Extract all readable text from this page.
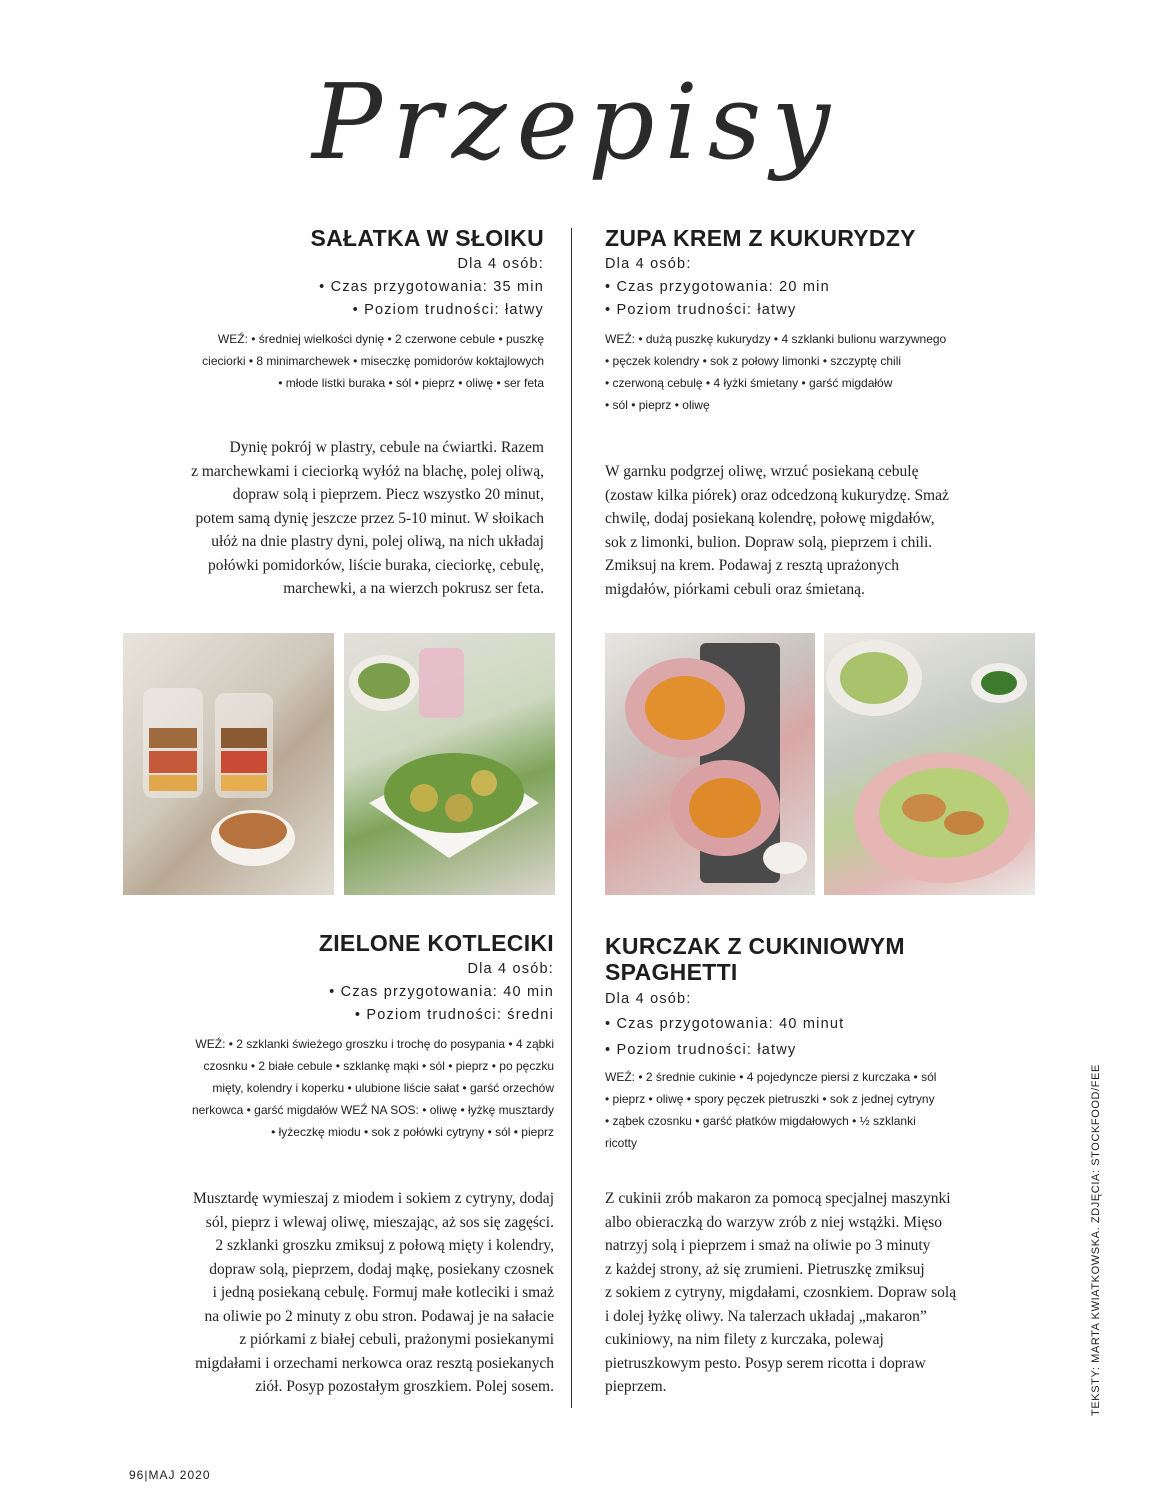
Przepisy
SAŁATKA W SŁOIKU
Dla 4 osób:
• Czas przygotowania: 35 min
• Poziom trudności: łatwy
WEŹ: • średniej wielkości dynię • 2 czerwone cebule • puszkę
cieciorki • 8 minimarchewek • miseczkę pomidorów koktajlowych
• młode listki buraka • sól • pieprz • oliwę • ser feta
Dynię pokrój w plastry, cebule na ćwiartki. Razem
z marchewkami i cieciorką wyłóż na blachę, polej oliwą,
dopraw solą i pieprzem. Piecz wszystko 20 minut,
potem samą dynię jeszcze przez 5-10 minut. W słoikach
ułóż na dnie plastry dyni, polej oliwą, na nich układaj
połówki pomidorków, liście buraka, cieciorkę, cebulę,
marchewki, a na wierzch pokrusz ser feta.
ZUPA KREM Z KUKURYDZY
Dla 4 osób:
• Czas przygotowania: 20 min
• Poziom trudności: łatwy
WEŹ: • dużą puszkę kukurydzy • 4 szklanki bulionu warzywnego
• pęczek kolendry • sok z połowy limonki • szczyptę chili
• czerwoną cebulę • 4 łyżki śmietany • garść migdałów
• sól • pieprz • oliwę
W garnku podgrzej oliwę, wrzuć posiekaną cebulę
(zostaw kilka piórek) oraz odcedzoną kukurydzę. Smaż
chwilę, dodaj posiekaną kolendrę, połowę migdałów,
sok z limonki, bulion. Dopraw solą, pieprzem i chili.
Zmiksuj na krem. Podawaj z resztą uprażonych
migdałów, piórkami cebuli oraz śmietaną.
ZIELONE KOTLECIKI
Dla 4 osób:
• Czas przygotowania: 40 min
• Poziom trudności: średni
WEŹ: • 2 szklanki świeżego groszku i trochę do posypania • 4 ząbki
czosnku • 2 białe cebule • szklankę mąki • sól • pieprz • po pęczku
mięty, kolendry i koperku • ulubione liście sałat • garść orzechów
nerkowca • garść migdałów WEŹ NA SOS: • oliwę • łyżkę musztardy
• łyżeczkę miodu • sok z połówki cytryny • sól • pieprz
Musztardę wymieszaj z miodem i sokiem z cytryny, dodaj
sól, pieprz i wlewaj oliwę, mieszając, aż sos się zagęści.
2 szklanki groszku zmiksuj z połową mięty i kolendry,
dopraw solą, pieprzem, dodaj mąkę, posiekany czosnek
i jedną posiekaną cebulę. Formuj małe kotleciki i smaż
na oliwie po 2 minuty z obu stron. Podawaj je na sałacie
z piórkami z białej cebuli, prażonymi posiekanymi
migdałami i orzechami nerkowca oraz resztą posiekanych
ziół. Posyp pozostałym groszkiem. Polej sosem.
KURCZAK Z CUKINIOWYM SPAGHETTI
Dla 4 osób:
• Czas przygotowania: 40 minut
• Poziom trudności: łatwy
WEŹ: • 2 średnie cukinie • 4 pojedyncze piersi z kurczaka • sól
• pieprz • oliwę • spory pęczek pietruszki • sok z jednej cytryny
• ząbek czosnku • garść płatków migdałowych • ½ szklanki
ricotty
Z cukinii zrób makaron za pomocą specjalnej maszynki
albo obieraczką do warzyw zrób z niej wstążki. Mięso
natrzyj solą i pieprzem i smaż na oliwie po 3 minuty
z każdej strony, aż się zrumieni. Pietruszkę zmiksuj
z sokiem z cytryny, migdałami, czosnkiem. Dopraw solą
i dolej łyżkę oliwy. Na talerzach układaj „makaron”
cukiniowy, na nim filety z kurczaka, polewaj
pietruszkowym pesto. Posyp serem ricotta i dopraw
pieprzem.	TEKSTY: MARTA KWIATKOWSKA. ZDJĘCIA: STOCKFOOD/FEE
96|MAJ 2020
